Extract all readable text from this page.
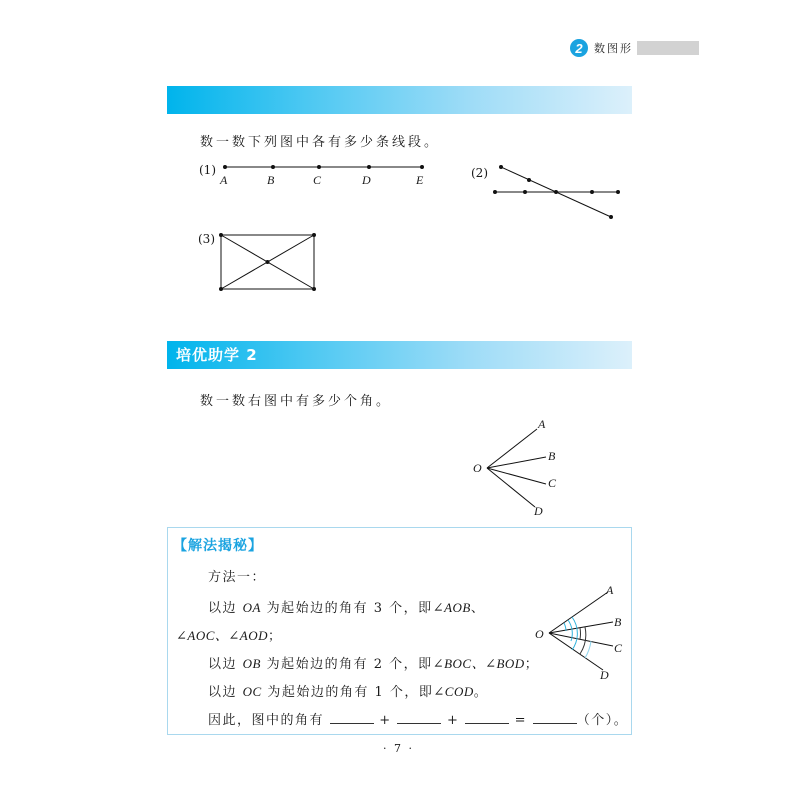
2	数图形
数一数下列图中各有多少条线段。
(1)
A	B	C	D	E	(2)
(3)
培优助学 2
数一数右图中有多少个角。
O
A
B
C
D
【解法揭秘】
方法一：
以边 OA 为起始边的角有 3 个，即∠AOB、
∠AOC、∠AOD；
以边 OB 为起始边的角有 2 个，即∠BOC、∠BOD；
以边 OC 为起始边的角有 1 个，即∠COD。
因此，图中的角有	+	+	=	（个）。
O
A
B
C
D
· 7 ·
